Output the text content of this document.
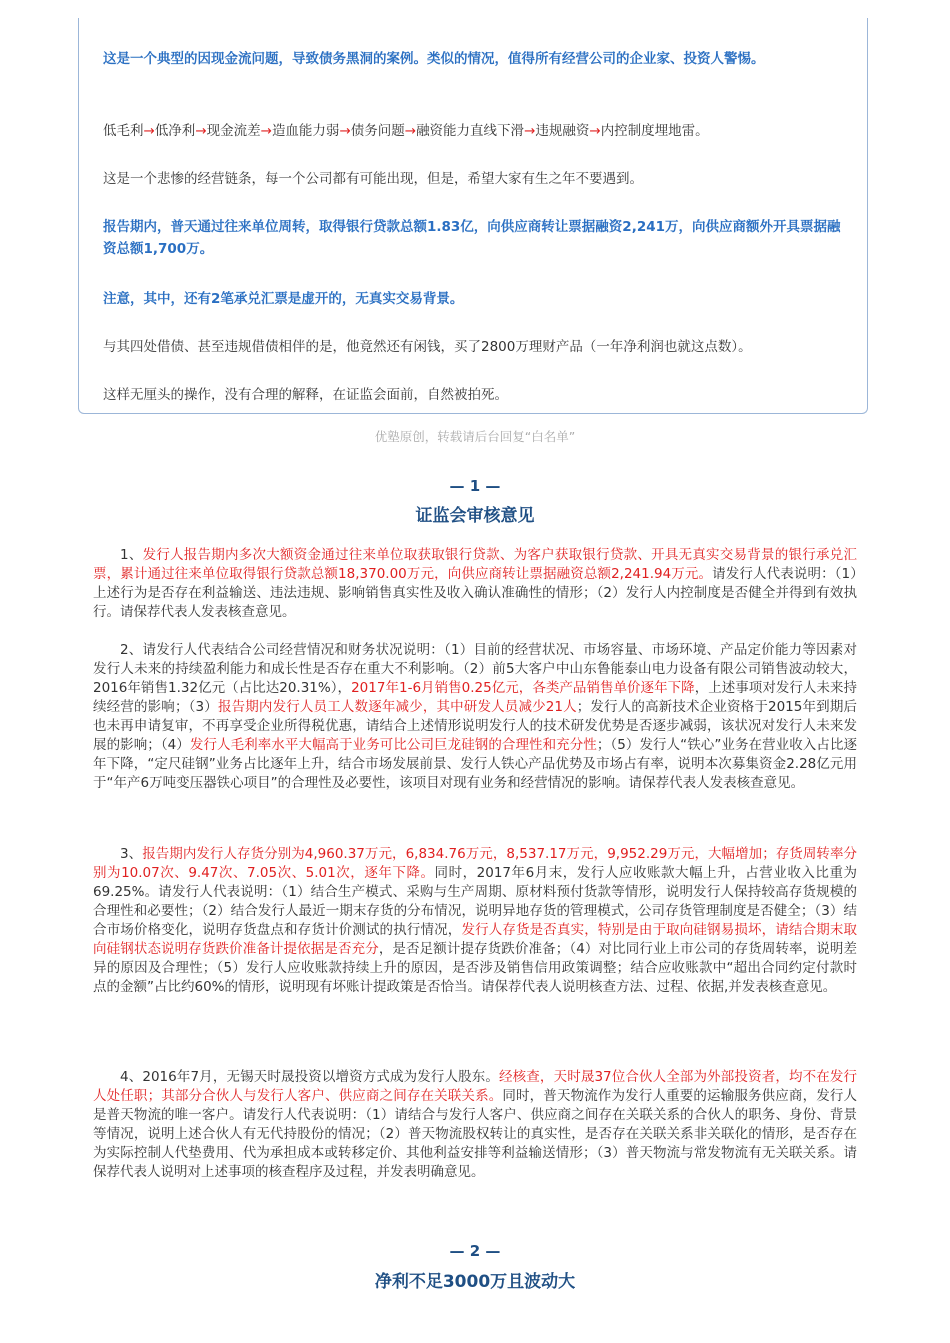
这是一个典型的因现金流问题，导致债务黑洞的案例。类似的情况，值得所有经营公司的企业家、投资人警惕。

低毛利→低净利→现金流差→造血能力弱→债务问题→融资能力直线下滑→违规融资→内控制度埋地雷。

这是一个悲惨的经营链条，每一个公司都有可能出现，但是，希望大家有生之年不要遇到。

报告期内，普天通过往来单位周转，取得银行贷款总额1.83亿，向供应商转让票据融资2,241万，向供应商额外开具票据融资总额1,700万。

注意，其中，还有2笔承兑汇票是虚开的，无真实交易背景。

与其四处借债、甚至违规借债相伴的是，他竟然还有闲钱，买了2800万理财产品（一年净利润也就这点数）。

这样无厘头的操作，没有合理的解释，在证监会面前，自然被拍死。

优塾原创，转载请后台回复“白名单”
— 1 —
证监会审核意见

1、发行人报告期内多次大额资金通过往来单位取获取银行贷款、为客户获取银行贷款、开具无真实交易背景的银行承兑汇票，累计通过往来单位取得银行贷款总额18,370.00万元，向供应商转让票据融资总额2,241.94万元。请发行人代表说明：（1）上述行为是否存在利益输送、违法违规、影响销售真实性及收入确认准确性的情形；（2）发行人内控制度是否健全并得到有效执行。请保荐代表人发表核查意见。

2、请发行人代表结合公司经营情况和财务状况说明：（1）目前的经营状况、市场容量、市场环境、产品定价能力等因素对发行人未来的持续盈利能力和成长性是否存在重大不利影响。（2）前5大客户中山东鲁能泰山电力设备有限公司销售波动较大，2016年销售1.32亿元（占比达20.31%），2017年1-6月销售0.25亿元，各类产品销售单价逐年下降，上述事项对发行人未来持续经营的影响；（3）报告期内发行人员工人数逐年减少，其中研发人员减少21人；发行人的高新技术企业资格于2015年到期后也未再申请复审，不再享受企业所得税优惠，请结合上述情形说明发行人的技术研发优势是否逐步减弱，该状况对发行人未来发展的影响；（4）发行人毛利率水平大幅高于业务可比公司巨龙硅钢的合理性和充分性；（5）发行人“铁心”业务在营业收入占比逐年下降，“定尺硅钢”业务占比逐年上升，结合市场发展前景、发行人铁心产品优势及市场占有率，说明本次募集资金2.28亿元用于“年产6万吨变压器铁心项目”的合理性及必要性，该项目对现有业务和经营情况的影响。请保荐代表人发表核查意见。

3、报告期内发行人存货分别为4,960.37万元，6,834.76万元，8,537.17万元，9,952.29万元，大幅增加；存货周转率分别为10.07次、9.47次、7.05次、5.01次，逐年下降。同时，2017年6月末，发行人应收账款大幅上升，占营业收入比重为69.25%。请发行人代表说明：（1）结合生产模式、采购与生产周期、原材料预付货款等情形，说明发行人保持较高存货规模的合理性和必要性；（2）结合发行人最近一期末存货的分布情况，说明异地存货的管理模式，公司存货管理制度是否健全；（3）结合市场价格变化，说明存货盘点和存货计价测试的执行情况，发行人存货是否真实，特别是由于取向硅钢易损坏，请结合期末取向硅钢状态说明存货跌价准备计提依据是否充分，是否足额计提存货跌价准备；（4）对比同行业上市公司的存货周转率，说明差异的原因及合理性；（5）发行人应收账款持续上升的原因，是否涉及销售信用政策调整；结合应收账款中“超出合同约定付款时点的金额”占比约60%的情形，说明现有坏账计提政策是否恰当。请保荐代表人说明核查方法、过程、依据,并发表核查意见。

4、2016年7月，无锡天时晟投资以增资方式成为发行人股东。经核查，天时晟37位合伙人全部为外部投资者，均不在发行人处任职；其部分合伙人与发行人客户、供应商之间存在关联关系。同时，普天物流作为发行人重要的运输服务供应商，发行人是普天物流的唯一客户。请发行人代表说明：（1）请结合与发行人客户、供应商之间存在关联关系的合伙人的职务、身份、背景等情况，说明上述合伙人有无代持股份的情况；（2）普天物流股权转让的真实性，是否存在关联关系非关联化的情形，是否存在为实际控制人代垫费用、代为承担成本或转移定价、其他利益安排等利益输送情形；（3）普天物流与常发物流有无关联关系。请保荐代表人说明对上述事项的核查程序及过程，并发表明确意见。

— 2 —
净利不足3000万且波动大
